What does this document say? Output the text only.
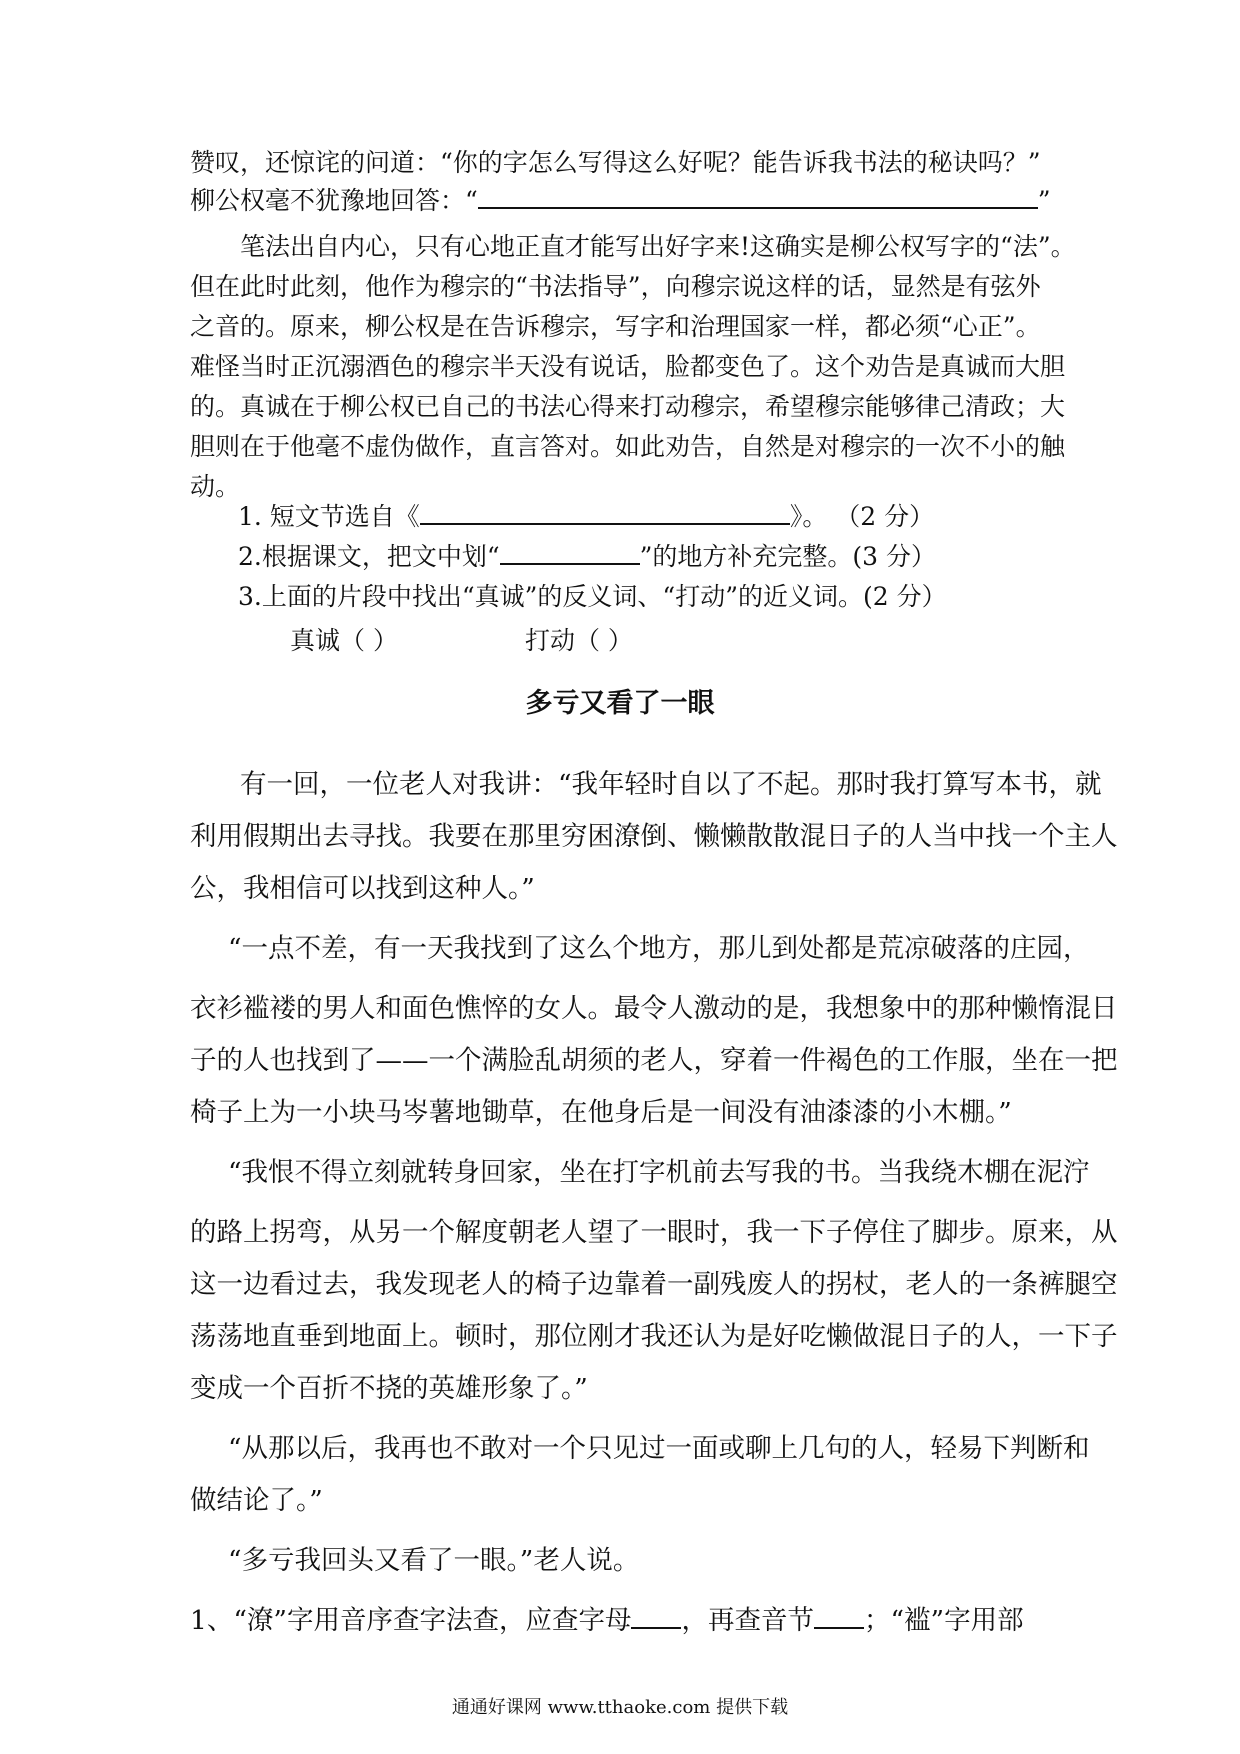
赞叹，还惊诧的问道：“你的字怎么写得这么好呢？能告诉我书法的秘诀吗？”
柳公权毫不犹豫地回答：“	”
笔法出自内心，只有心地正直才能写出好字来!这确实是柳公权写字的“法”。
但在此时此刻，他作为穆宗的“书法指导”，向穆宗说这样的话，显然是有弦外
之音的。原来，柳公权是在告诉穆宗，写字和治理国家一样，都必须“心正”。
难怪当时正沉溺酒色的穆宗半天没有说话，脸都变色了。这个劝告是真诚而大胆
的。真诚在于柳公权已自己的书法心得来打动穆宗，希望穆宗能够律己清政；大
胆则在于他毫不虚伪做作，直言答对。如此劝告，自然是对穆宗的一次不小的触
动。
1. 短文节选自《	》。 （2 分）
2.根据课文，把文中划“	”的地方补充完整。(3 分）
3.上面的片段中找出“真诚”的反义词、“打动”的近义词。(2 分）
真诚（ ）	打动（ ）
多亏又看了一眼
有一回，一位老人对我讲：“我年轻时自以了不起。那时我打算写本书，就
利用假期出去寻找。我要在那里穷困潦倒、懒懒散散混日子的人当中找一个主人
公，我相信可以找到这种人。”
“一点不差，有一天我找到了这么个地方，那儿到处都是荒凉破落的庄园，
衣衫褴褛的男人和面色憔悴的女人。最令人激动的是，我想象中的那种懒惰混日
子的人也找到了——一个满脸乱胡须的老人，穿着一件褐色的工作服，坐在一把
椅子上为一小块马岑薯地锄草，在他身后是一间没有油漆漆的小木棚。”
“我恨不得立刻就转身回家，坐在打字机前去写我的书。当我绕木棚在泥泞
的路上拐弯，从另一个解度朝老人望了一眼时，我一下子停住了脚步。原来，从
这一边看过去，我发现老人的椅子边靠着一副残废人的拐杖，老人的一条裤腿空
荡荡地直垂到地面上。顿时，那位刚才我还认为是好吃懒做混日子的人，一下子
变成一个百折不挠的英雄形象了。”
“从那以后，我再也不敢对一个只见过一面或聊上几句的人，轻易下判断和
做结论了。”
“多亏我回头又看了一眼。”老人说。
1、“潦”字用音序查字法查，应查字母 ，再查音节 ；“褴”字用部
通通好课网 www.tthaoke.com 提供下载
